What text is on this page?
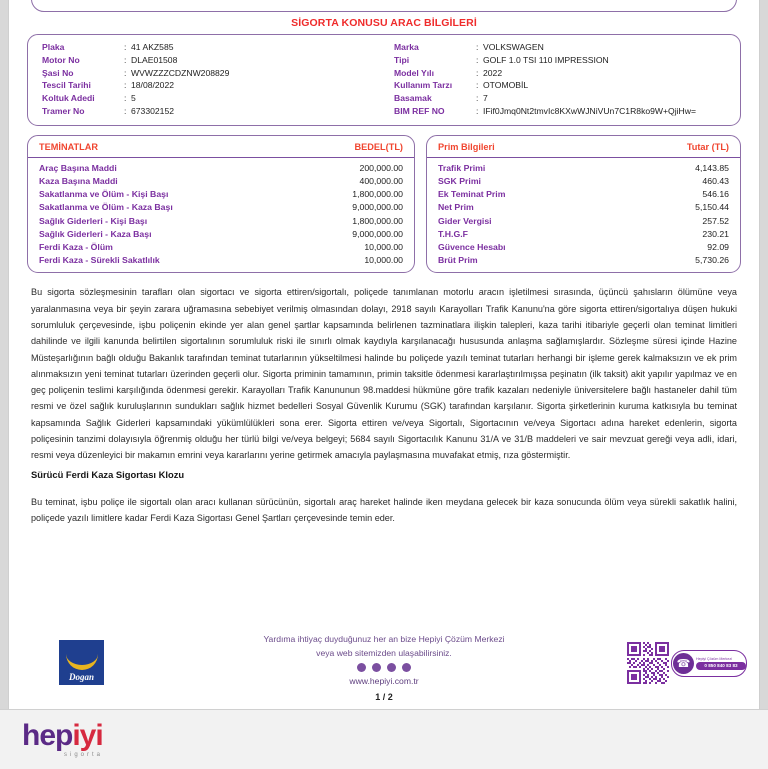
SİGORTA KONUSU ARAC BİLGİLERİ
Plaka	: 41 AKZ585
Motor No	: DLAE01508
Şasi No	: WVWZZZCDZNW208829
Tescil Tarihi	: 18/08/2022
Koltuk Adedi	: 5
Tramer No	: 673302152
Marka	: VOLKSWAGEN
Tipi	: GOLF 1.0 TSI 110 IMPRESSION
Model Yılı	: 2022
Kullanım Tarzı	: OTOMOBİL
Basamak	: 7
BIM REF NO	: IFif0Jmq0Nt2tmvIc8KXwWJNiVUn7C1R8ko9W+QjiHw=
TEMİNATLAR	BEDEL(TL)
Araç Başına Maddi	200,000.00
Kaza Başına Maddi	400,000.00
Sakatlanma ve Ölüm - Kişi Başı	1,800,000.00
Sakatlanma ve Ölüm - Kaza Başı	9,000,000.00
Sağlık Giderleri - Kişi Başı	1,800,000.00
Sağlık Giderleri - Kaza Başı	9,000,000.00
Ferdi Kaza - Ölüm	10,000.00
Ferdi Kaza - Sürekli Sakatlılık	10,000.00
Prim Bilgileri	Tutar (TL)
Trafik Primi	4,143.85
SGK Primi	460.43
Ek Teminat Prim	546.16
Net Prim	5,150.44
Gider Vergisi	257.52
T.H.G.F	230.21
Güvence Hesabı	92.09
Brüt Prim	5,730.26
Bu sigorta sözleşmesinin tarafları olan sigortacı ve sigorta ettiren/sigortalı, poliçede tanımlanan motorlu aracın işletilmesi sırasında, üçüncü şahısların ölümüne veya yaralanmasına veya bir şeyin zarara uğramasına sebebiyet verilmiş olmasından dolayı, 2918 sayılı Karayolları Trafik Kanunu'na göre sigorta ettiren/sigortalıya düşen hukuki sorumluluk çerçevesinde, işbu poliçenin ekinde yer alan genel şartlar kapsamında belirlenen tazminatlara ilişkin talepleri, kaza tarihi itibariyle geçerli olan teminat limitleri dahilinde ve ilgili kanunda belirtilen sigortalının sorumluluk riski ile sınırlı olmak kaydıyla karşılanacağı hususunda anlaşma sağlamışlardır. Sözleşme süresi içinde Hazine Müsteşarlığının bağlı olduğu Bakanlık tarafından teminat tutarlarının yükseltilmesi halinde bu poliçede yazılı teminat tutarları herhangi bir işleme gerek kalmaksızın ve ek prim alınmaksızın yeni teminat tutarları üzerinden geçerli olur. Sigorta priminin tamamının, primin taksitle ödenmesi kararlaştırılmışsa peşinatın (ilk taksit) akit yapılır yapılmaz ve en geç poliçenin teslimi karşılığında ödenmesi gerekir. Karayolları Trafik Kanununun 98.maddesi hükmüne göre trafik kazaları nedeniyle üniversitelere bağlı hastaneler dahil tüm resmi ve özel sağlık kuruluşlarının sundukları sağlık hizmet bedelleri Sosyal Güvenlik Kurumu (SGK) tarafından karşılanır. Sigorta şirketlerinin kuruma katkısıyla bu teminat kapsamında Sağlık Giderleri kapsamındaki yükümlülükleri sona erer. Sigorta ettiren ve/veya Sigortalı, Sigortacının ve/veya Sigortacı adına hareket edenlerin, sigorta poliçesinin tanzimi dolayısıyla öğrenmiş olduğu her türlü bilgi ve/veya belgeyi; 5684 sayılı Sigortacılık Kanunu 31/A ve 31/B maddeleri ve sair mevzuat gereği veya adli, idari, resmi veya düzenleyici bir makamın emrini veya kararlarını yerine getirmek amacıyla paylaşmasına muvafakat etmiş, rıza göstermiştir.
Sürücü Ferdi Kaza Sigortası Klozu
Bu teminat, işbu poliçe ile sigortalı olan aracı kullanan sürücünün, sigortalı araç hareket halinde iken meydana gelecek bir kaza sonucunda ölüm veya sürekli sakatlık halini, poliçede yazılı limitlere kadar Ferdi Kaza Sigortası Genel Şartları çerçevesinde temin eder.
Dogan
Yardıma ihtiyaç duyduğunuz her an bize Hepiyi Çözüm Merkezi
veya web sitemizden ulaşabilirsiniz.
www.hepiyi.com.tr
1 / 2
☎	Hepiyi Çözüm Merkezi
0 850 840 83 83
hepiyi
sigorta
